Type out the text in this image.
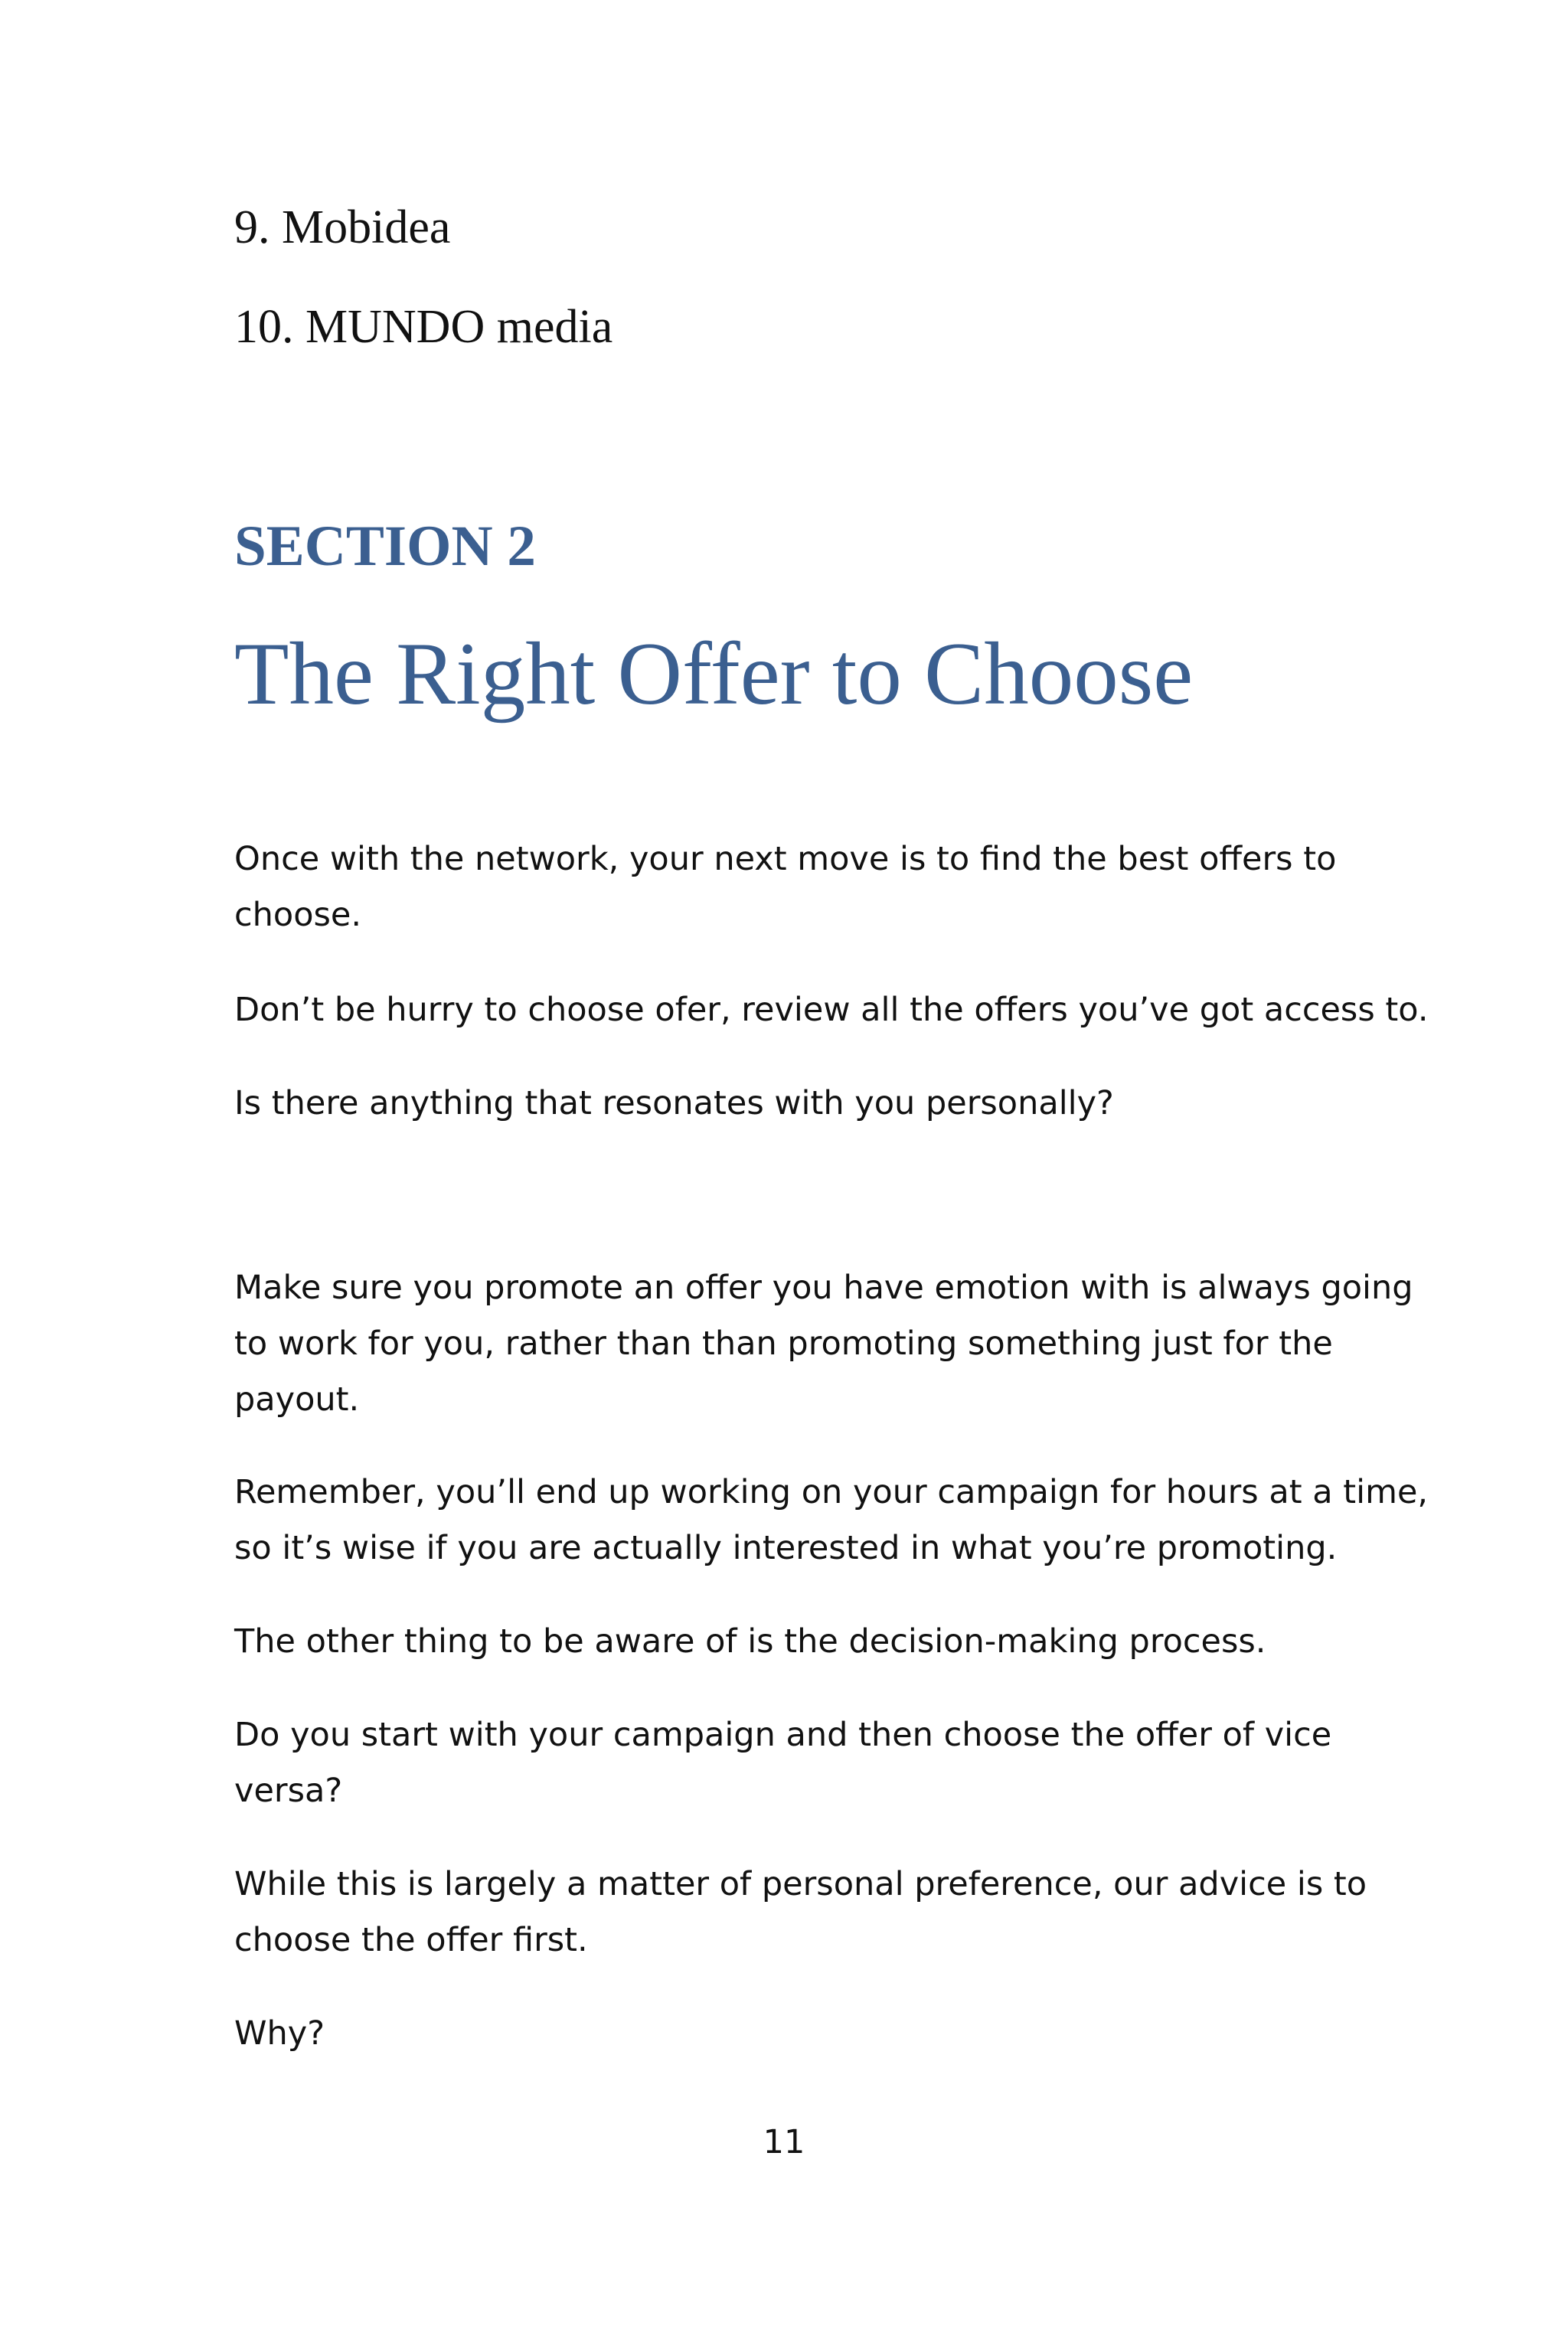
9. Mobidea
10. MUNDO media
SECTION 2
The Right Offer to Choose
Once with the network, your next move is to find the best offers to choose.
Don’t be hurry to choose ofer, review all the offers you’ve got access to.
Is there anything that resonates with you personally?
Make sure you promote an offer you have emotion with is always going to work for you, rather than than promoting something just for the payout.
Remember, you’ll end up working on your campaign for hours at a time, so it’s wise if you are actually interested in what you’re promoting.
The other thing to be aware of is the decision-making process.
Do you start with your campaign and then choose the offer of vice versa?
While this is largely a matter of personal preference, our advice is to choose the offer first.
Why?
11
